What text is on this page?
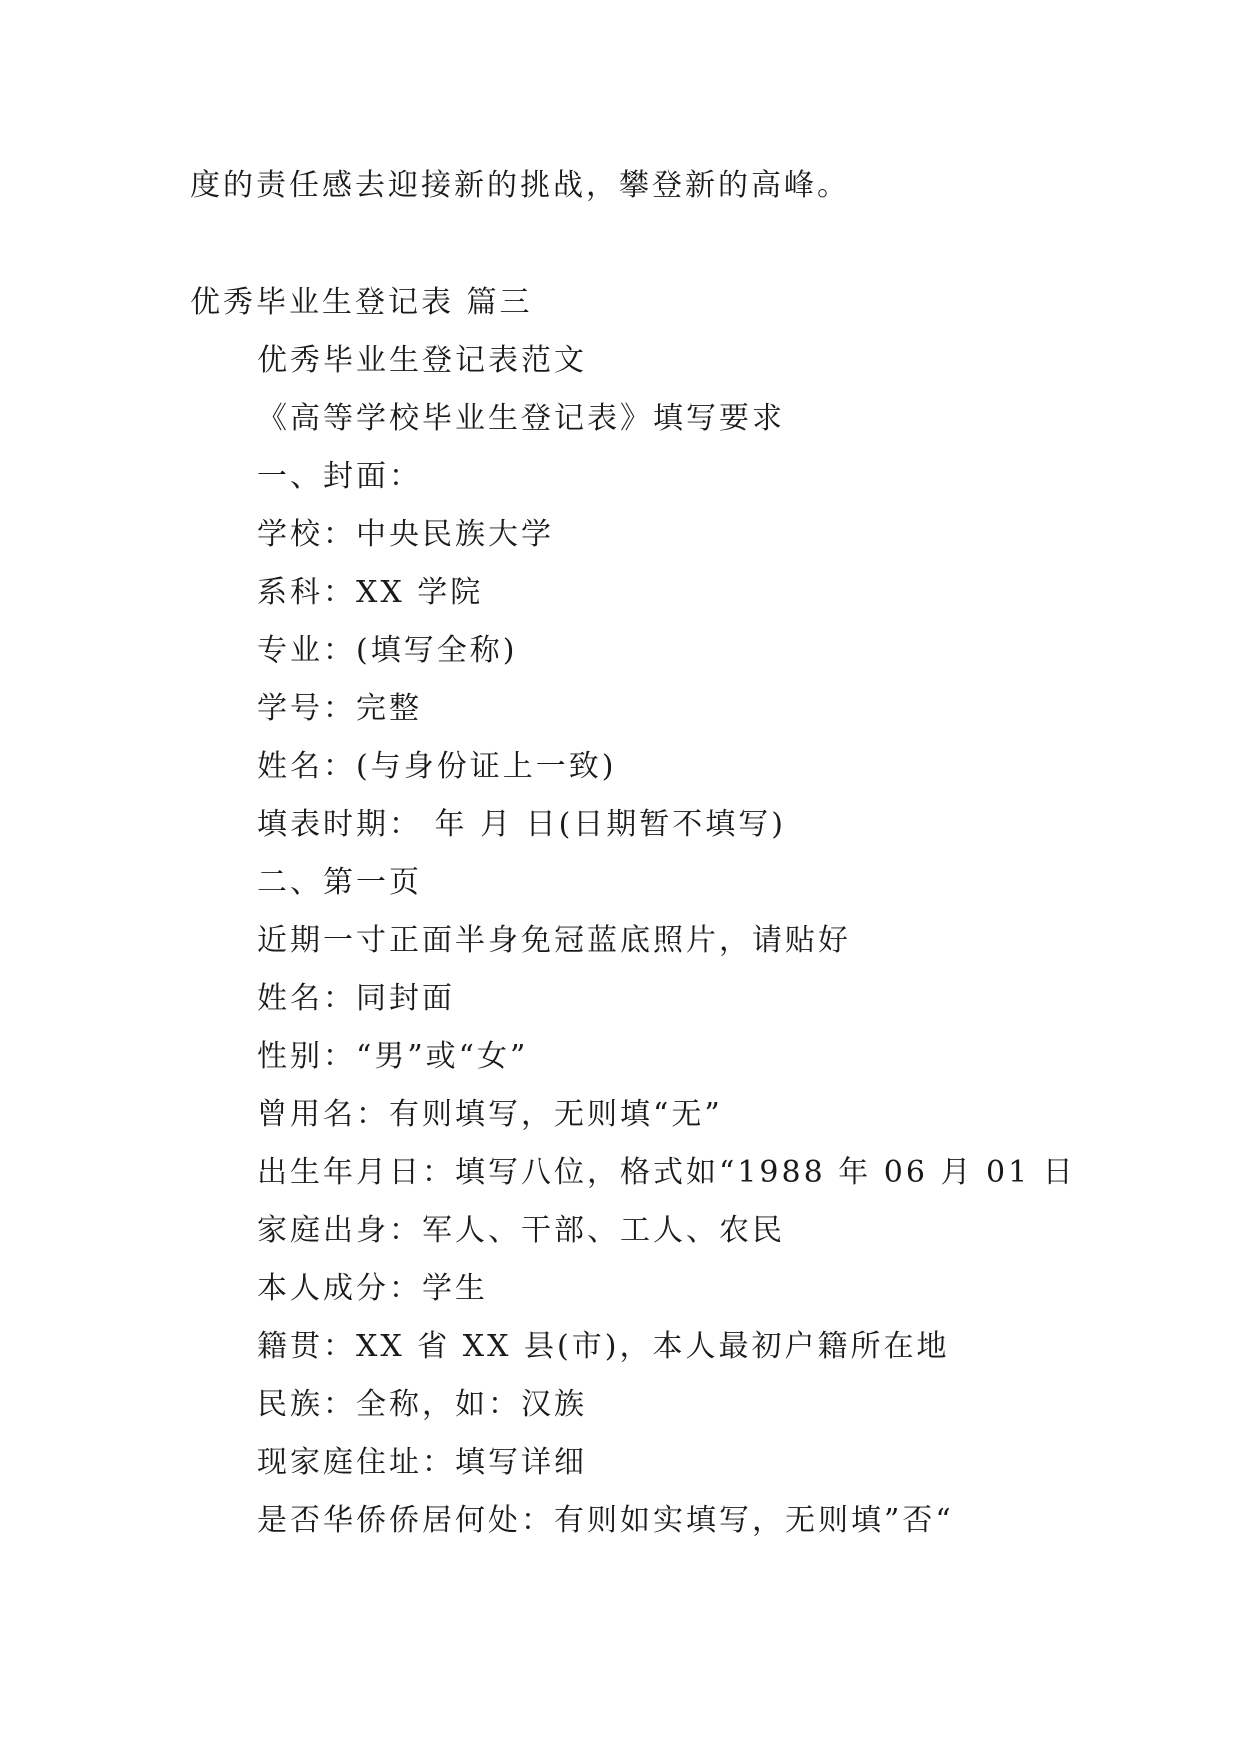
度的责任感去迎接新的挑战，攀登新的高峰。
优秀毕业生登记表 篇三
优秀毕业生登记表范文
《高等学校毕业生登记表》填写要求
一、封面：
学校：中央民族大学
系科：XX 学院
专业：(填写全称)
学号：完整
姓名：(与身份证上一致)
填表时期： 年 月 日(日期暂不填写)
二、第一页
近期一寸正面半身免冠蓝底照片，请贴好
姓名：同封面
性别：“男”或“女”
曾用名：有则填写，无则填“无”
出生年月日：填写八位，格式如“1988 年 06 月 01 日
家庭出身：军人、干部、工人、农民
本人成分：学生
籍贯：XX 省 XX 县(市)，本人最初户籍所在地
民族：全称，如：汉族
现家庭住址：填写详细
是否华侨侨居何处：有则如实填写，无则填”否“
